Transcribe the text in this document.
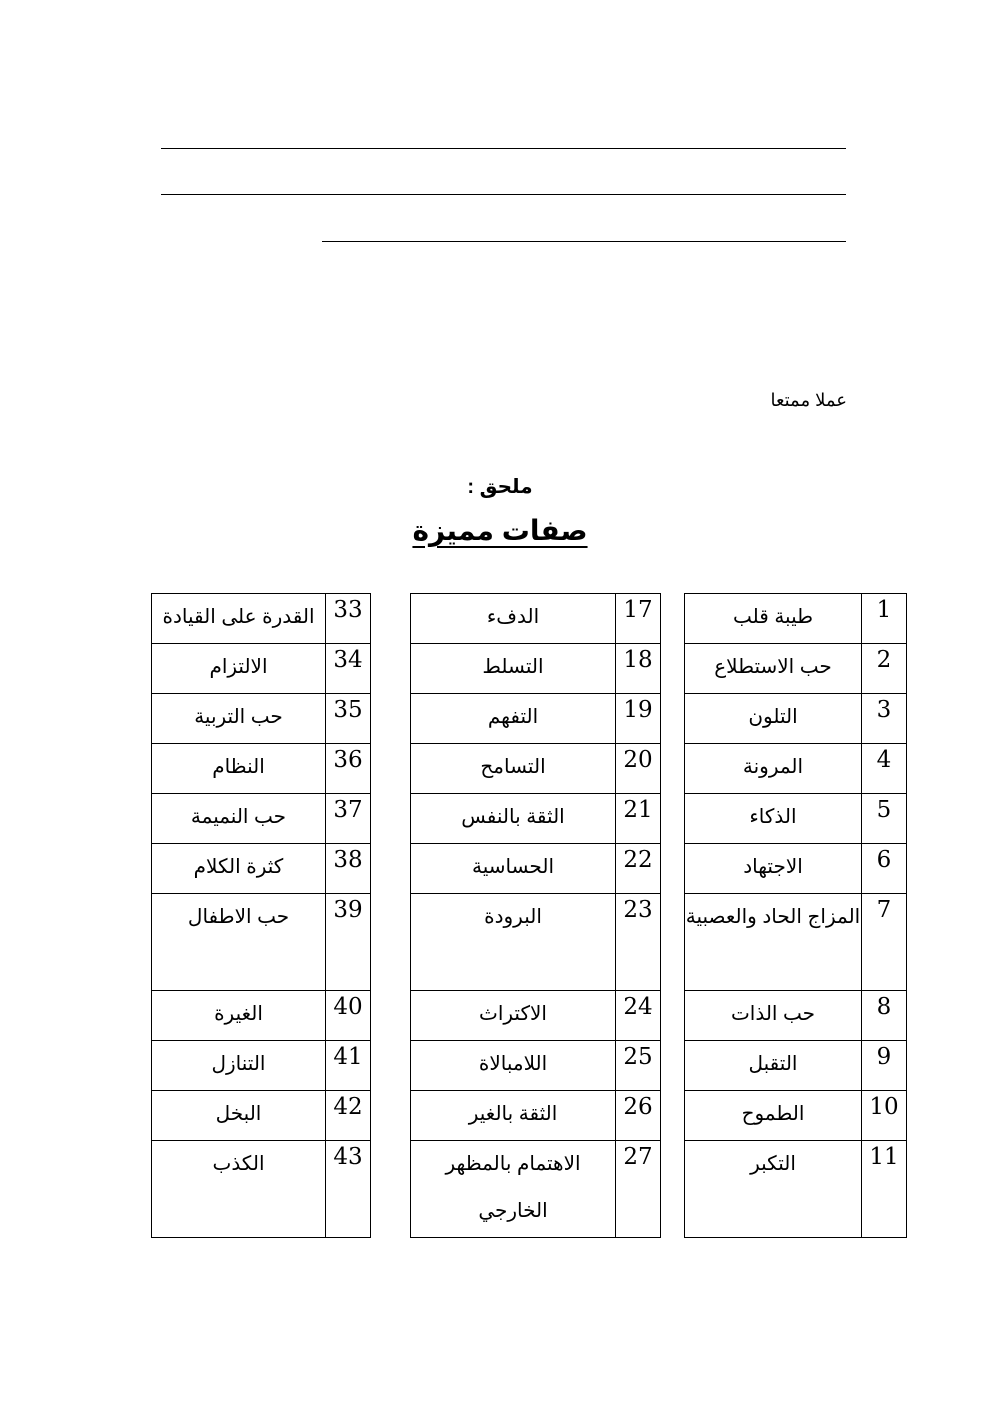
عملا ممتعا
ملحق :
صفات مميزة
1	طيبة قلب		17	الدفء		33	القدرة على القيادة
2	حب الاستطلاع		18	التسلط		34	الالتزام
3	التلون		19	التفهم		35	حب التربية
4	المرونة		20	التسامح		36	النظام
5	الذكاء		21	الثقة بالنفس		37	حب النميمة
6	الاجتهاد		22	الحساسية		38	كثرة الكلام
7	المزاج الحاد والعصبية		23	البرودة		39	حب الاطفال
8	حب الذات		24	الاكتراث		40	الغيرة
9	التقبل		25	اللامبالاة		41	التنازل
10	الطموح		26	الثقة بالغير		42	البخل
11	التكبر		27	الاهتمام بالمظهر الخارجي		43	الكذب
